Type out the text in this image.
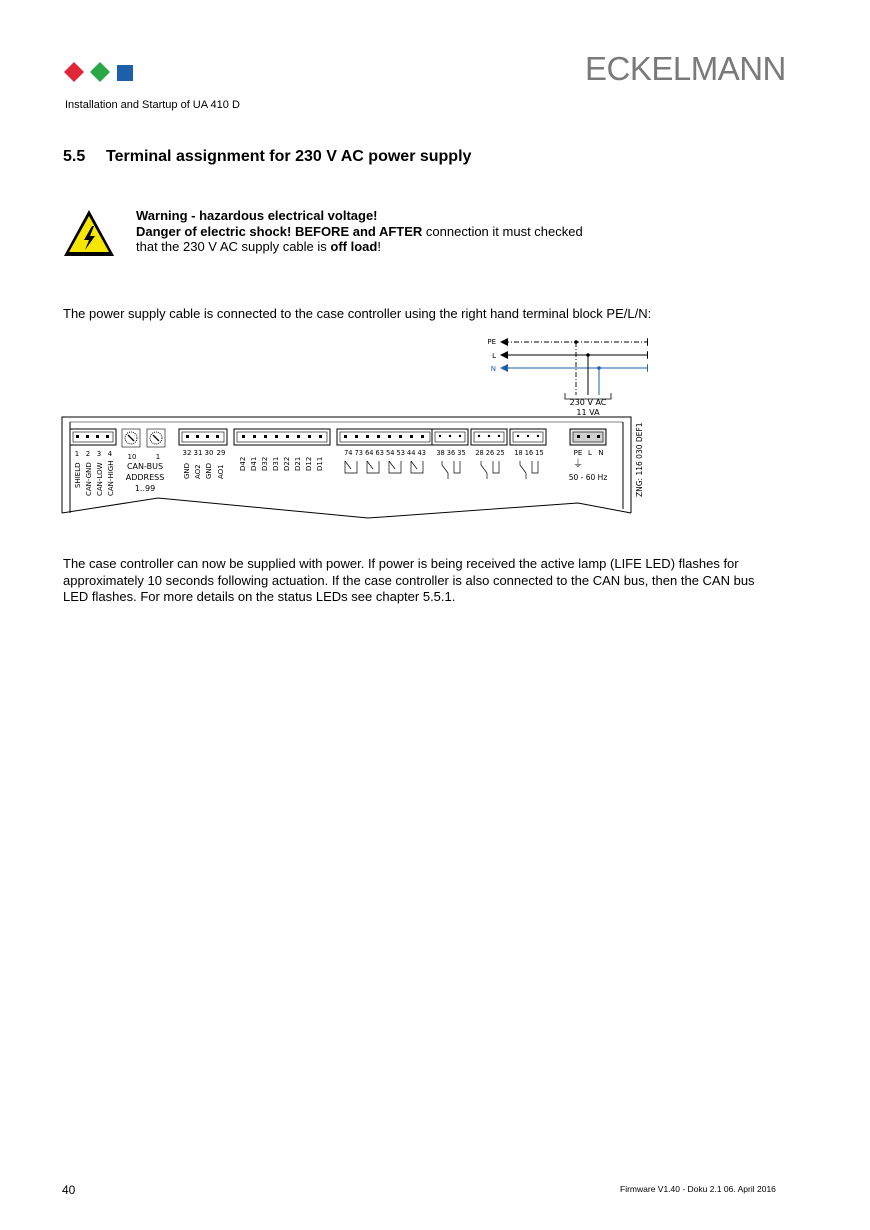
ECKELMANN
Installation and Startup of UA 410 D
5.5 Terminal assignment for 230 V AC power supply
Warning - hazardous electrical voltage!
Danger of electric shock! BEFORE and AFTER connection it must checked
that the 230 V AC supply cable is off load!
The power supply cable is connected to the case controller using the right hand terminal block PE/L/N:
PE
L
N
230 V AC
11 VA
1 2 3 4
SHIELD CAN-GND CAN-LOW CAN-HIGH
10	1
CAN-BUS
ADDRESS
1..99
32 31 30 29
GND AO2 GND AO1
D42 D41 D32 D31 D22 D21 D12 D11
74 73 64 63 54 53 44 43 38 36 35 28 26 25 18 16 15	PE L N
⏚
50 - 60 Hz	ZNG: 116 030 DEF1
The case controller can now be supplied with power. If power is being received the active lamp (LIFE LED) flashes for approximately 10 seconds following actuation. If the case controller is also connected to the CAN bus, then the CAN bus LED flashes. For more details on the status LEDs see chapter 5.5.1.
40	Firmware V1.40 - Doku 2.1 06. April 2016
